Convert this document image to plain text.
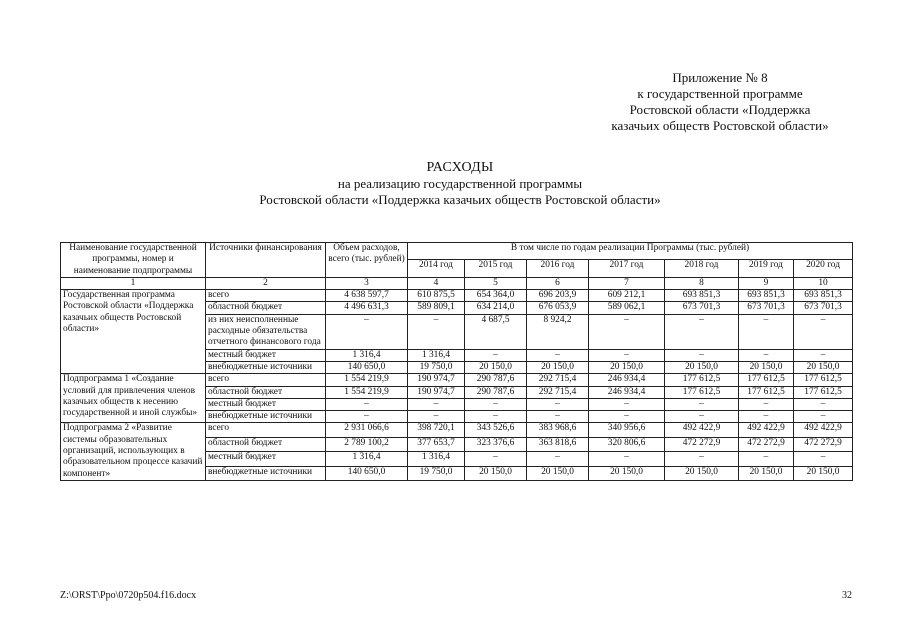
Приложение № 8
к государственной программе
Ростовской области «Поддержка
казачьих обществ Ростовской области»
РАСХОДЫ
на реализацию государственной программы
Ростовской области «Поддержка казачьих обществ Ростовской области»
Наименование государственной программы, номер и наименование подпрограммы	Источники финансирования	Объем расходов, всего (тыс. рублей)	В том числе по годам реализации Программы (тыс. рублей)						
			2014 год	2015 год	2016 год	2017 год	2018 год	2019 год	2020 год
1	2	3	4	5	6	7	8	9	10
Государственная программа Ростовской области «Поддержка казачьих обществ Ростовской области»	всего	4 638 597,7	610 875,5	654 364,0	696 203,9	609 212,1	693 851,3	693 851,3	693 851,3
	областной бюджет	4 496 631,3	589 809,1	634 214,0	676 053,9	589 062,1	673 701,3	673 701,3	673 701,3
	из них неисполненные расходные обязательства отчетного финансового года	–	–	4 687,5	8 924,2	–	–	–	–
	местный бюджет	1 316,4	1 316,4	–	–	–	–	–	–
	внебюджетные источники	140 650,0	19 750,0	20 150,0	20 150,0	20 150,0	20 150,0	20 150,0	20 150,0
Подпрограмма 1 «Создание условий для привлечения членов казачьих обществ к несению государственной и иной службы»	всего	1 554 219,9	190 974,7	290 787,6	292 715,4	246 934,4	177 612,5	177 612,5	177 612,5
	областной бюджет	1 554 219,9	190 974,7	290 787,6	292 715,4	246 934,4	177 612,5	177 612,5	177 612,5
	местный бюджет	–	–	–	–	–	–	–	–
	внебюджетные источники	–	–	–	–	–	–	–	–
Подпрограмма 2 «Развитие системы образовательных организаций, использующих в образовательном процессе казачий компонент»	всего	2 931 066,6	398 720,1	343 526,6	383 968,6	340 956,6	492 422,9	492 422,9	492 422,9
	областной бюджет	2 789 100,2	377 653,7	323 376,6	363 818,6	320 806,6	472 272,9	472 272,9	472 272,9
	местный бюджет	1 316,4	1 316,4	–	–	–	–	–	–
	внебюджетные источники	140 650,0	19 750,0	20 150,0	20 150,0	20 150,0	20 150,0	20 150,0	20 150,0
Z:\ORST\Ppo\0720p504.f16.docx	32
